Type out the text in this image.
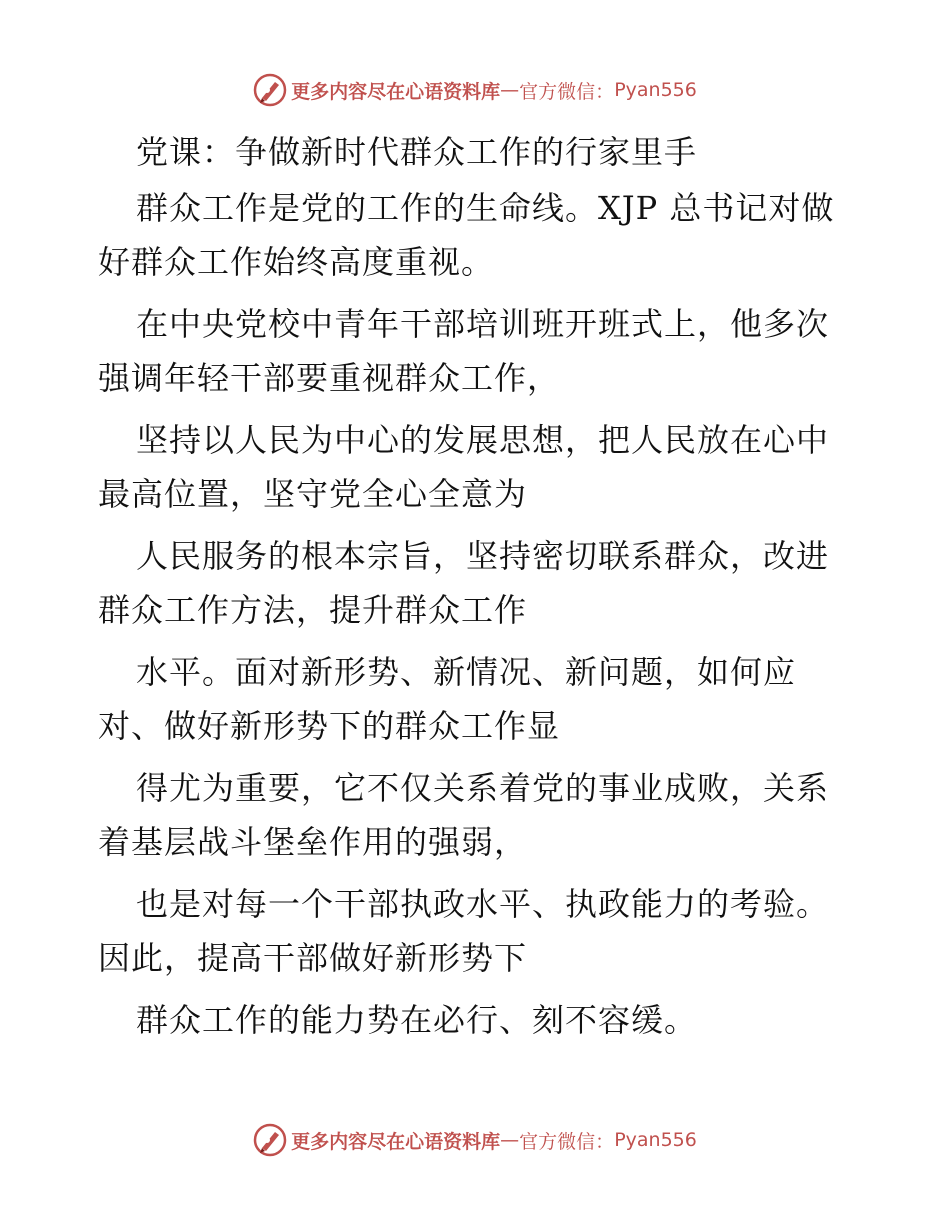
更多内容尽在心语资料库 — 官方微信： Pyan556

党课：争做新时代群众工作的行家里手

群众工作是党的工作的生命线。XJP 总书记对做

好群众工作始终高度重视。

在中央党校中青年干部培训班开班式上，他多次

强调年轻干部要重视群众工作，

坚持以人民为中心的发展思想，把人民放在心中

最高位置，坚守党全心全意为

人民服务的根本宗旨，坚持密切联系群众，改进

群众工作方法，提升群众工作

水平。面对新形势、新情况、新问题，如何应

对、做好新形势下的群众工作显

得尤为重要，它不仅关系着党的事业成败，关系

着基层战斗堡垒作用的强弱，

也是对每一个干部执政水平、执政能力的考验。

因此，提高干部做好新形势下

群众工作的能力势在必行、刻不容缓。

更多内容尽在心语资料库 — 官方微信： Pyan556
